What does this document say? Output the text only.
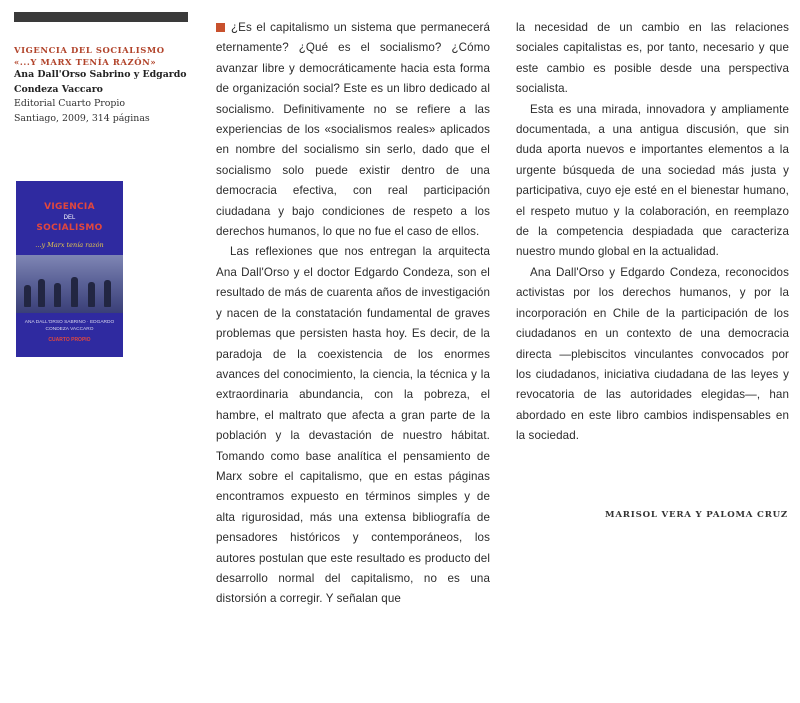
VIGENCIA DEL SOCIALISMO
«...Y MARX TENÍA RAZÓN»
Ana Dall'Orso Sabrino y Edgardo Condeza Vaccaro
Editorial Cuarto Propio
Santiago, 2009, 314 páginas
VIGENCIA
DEL
SOCIALISMO
...y Marx tenía razón
ANA DALL'ORSO SABRINO · EDGARDO CONDEZA VACCARO
CUARTO PROPIO

¿Es el capitalismo un sistema que permanecerá eternamente? ¿Qué es el socialismo? ¿Cómo avanzar libre y democráticamente hacia esta forma de organización social? Este es un libro dedicado al socialismo. Definitivamente no se refiere a las experiencias de los «socialismos reales» aplicados en nombre del socialismo sin serlo, dado que el socialismo solo puede existir dentro de una democracia efectiva, con real participación ciudadana y bajo condiciones de respeto a los derechos humanos, lo que no fue el caso de ellos.

Las reflexiones que nos entregan la arquitecta Ana Dall'Orso y el doctor Edgardo Condeza, son el resultado de más de cuarenta años de investigación y nacen de la constatación fundamental de graves problemas que persisten hasta hoy. Es decir, de la paradoja de la coexistencia de los enormes avances del conocimiento, la ciencia, la técnica y la extraordinaria abundancia, con la pobreza, el hambre, el maltrato que afecta a gran parte de la población y la devastación de nuestro hábitat. Tomando como base analítica el pensamiento de Marx sobre el capitalismo, que en estas páginas encontramos expuesto en términos simples y de alta rigurosidad, más una extensa bibliografía de pensadores históricos y contemporáneos, los autores postulan que este resultado es producto del desarrollo normal del capitalismo, no es una distorsión a corregir. Y señalan que

la necesidad de un cambio en las relaciones sociales capitalistas es, por tanto, necesario y que este cambio es posible desde una perspectiva socialista.

Esta es una mirada, innovadora y ampliamente documentada, a una antigua discusión, que sin duda aporta nuevos e importantes elementos a la urgente búsqueda de una sociedad más justa y participativa, cuyo eje esté en el bienestar humano, el respeto mutuo y la colaboración, en reemplazo de la competencia despiadada que caracteriza nuestro mundo global en la actualidad.

Ana Dall'Orso y Edgardo Condeza, reconocidos activistas por los derechos humanos, y por la incorporación en Chile de la participación de los ciudadanos en un contexto de una democracia directa —plebiscitos vinculantes convocados por los ciudadanos, iniciativa ciudadana de las leyes y revocatoria de las autoridades elegidas—, han abordado en este libro cambios indispensables en la sociedad.

MARISOL VERA Y PALOMA CRUZ
